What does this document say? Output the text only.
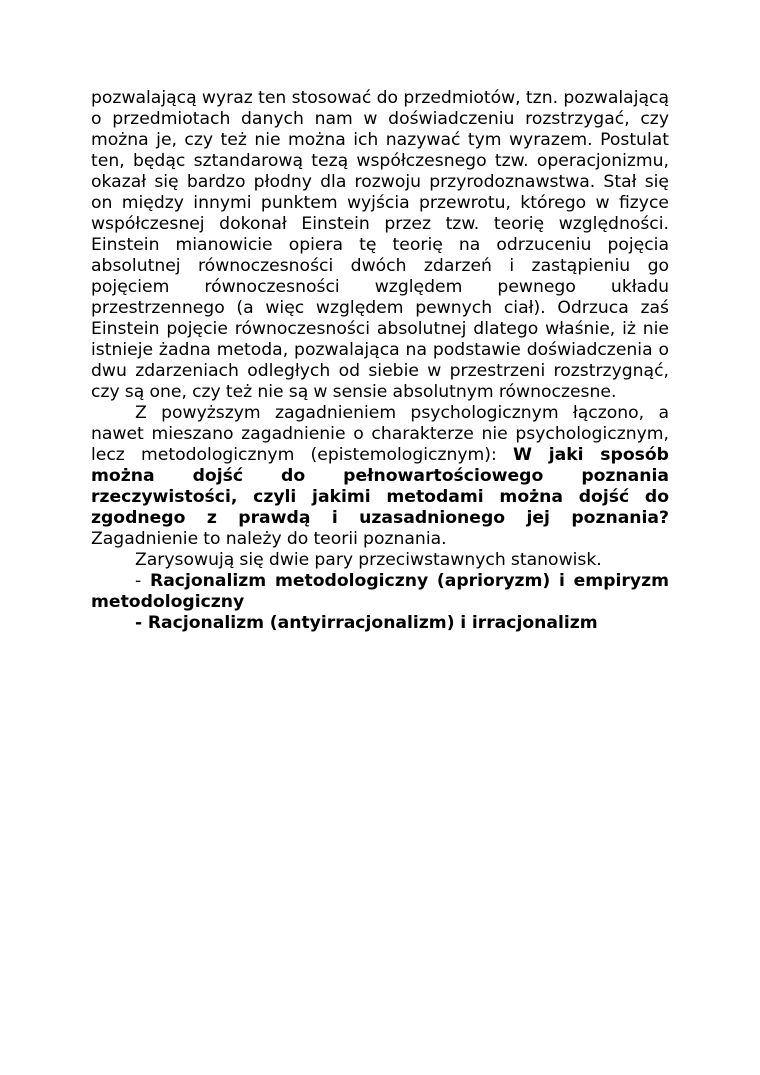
pozwalającą wyraz ten stosować do przedmiotów, tzn. pozwalającą o przedmiotach danych nam w doświadczeniu rozstrzygać, czy można je, czy też nie można ich nazywać tym wyrazem. Postulat ten, będąc sztandarową tezą współczesnego tzw. operacjonizmu, okazał się bardzo płodny dla rozwoju przyrodoznawstwa. Stał się on między innymi punktem wyjścia przewrotu, którego w fizyce współczesnej dokonał Einstein przez tzw. teorię względności. Einstein mianowicie opiera tę teorię na odrzuceniu pojęcia absolutnej równoczesności dwóch zdarzeń i zastąpieniu go pojęciem równoczesności względem pewnego układu przestrzennego (a więc względem pewnych ciał). Odrzuca zaś Einstein pojęcie równoczesności absolutnej dlatego właśnie, iż nie istnieje żadna metoda, pozwalająca na podstawie doświadczenia o dwu zdarzeniach odległych od siebie w przestrzeni rozstrzygnąć, czy są one, czy też nie są w sensie absolutnym równoczesne.

Z powyższym zagadnieniem psychologicznym łączono, a nawet mieszano zagadnienie o charakterze nie psychologicznym, lecz metodologicznym (epistemologicznym): W jaki sposób można dojść do pełnowartościowego poznania rzeczywistości, czyli jakimi metodami można dojść do zgodnego z prawdą i uzasadnionego jej poznania? Zagadnienie to należy do teorii poznania.

Zarysowują się dwie pary przeciwstawnych stanowisk.

- Racjonalizm metodologiczny (aprioryzm) i empiryzm metodologiczny

- Racjonalizm (antyirracjonalizm) i irracjonalizm
